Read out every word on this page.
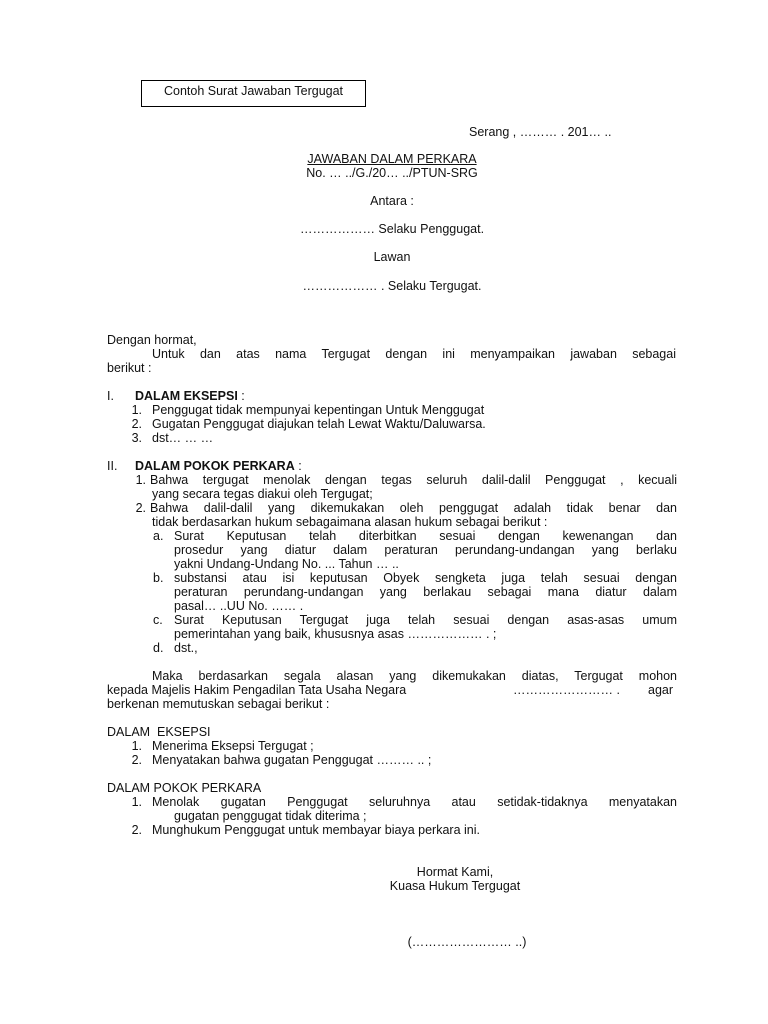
Contoh Surat Jawaban Tergugat
Serang , ……… . 201… ..
JAWABAN DALAM PERKARA
No. … ../G./20… ../PTUN-SRG
Antara :
……………… Selaku Penggugat.
Lawan
……………… . Selaku Tergugat.
Dengan hormat,
Untuk dan atas nama Tergugat dengan ini menyampaikan jawaban sebagai
berikut :
I. DALAM EKSEPSI :
1. Penggugat tidak mempunyai kepentingan Untuk Menggugat
2. Gugatan Penggugat diajukan telah Lewat Waktu/Daluwarsa.
3. dst… … …
II. DALAM POKOK PERKARA :
1. Bahwa tergugat menolak dengan tegas seluruh dalil-dalil Penggugat , kecuali
yang secara tegas diakui oleh Tergugat;
2. Bahwa dalil-dalil yang dikemukakan oleh penggugat adalah tidak benar dan
tidak berdasarkan hukum sebagaimana alasan hukum sebagai berikut :
a. Surat Keputusan telah diterbitkan sesuai dengan kewenangan dan
prosedur yang diatur dalam peraturan perundang-undangan yang berlaku
yakni Undang-Undang No. ... Tahun … ..
b. substansi atau isi keputusan Obyek sengketa juga telah sesuai dengan
peraturan perundang-undangan yang berlakau sebagai mana diatur dalam
pasal… ..UU No. …… .
c. Surat Keputusan Tergugat juga telah sesuai dengan asas-asas umum
pemerintahan yang baik, khususnya asas ……………… . ;
d. dst.,
Maka berdasarkan segala alasan yang dikemukakan diatas, Tergugat mohon
kepada Majelis Hakim Pengadilan Tata Usaha Negara	…………………… . agar
berkenan memutuskan sebagai berikut :
DALAM  EKSEPSI
1. Menerima Eksepsi Tergugat ;
2. Menyatakan bahwa gugatan Penggugat ……… .. ;
DALAM POKOK PERKARA
1. Menolak gugatan Penggugat seluruhnya atau setidak-tidaknya menyatakan
gugatan penggugat tidak diterima ;
2. Munghukum Penggugat untuk membayar biaya perkara ini.
Hormat Kami,
Kuasa Hukum Tergugat
(…………………… ..)
